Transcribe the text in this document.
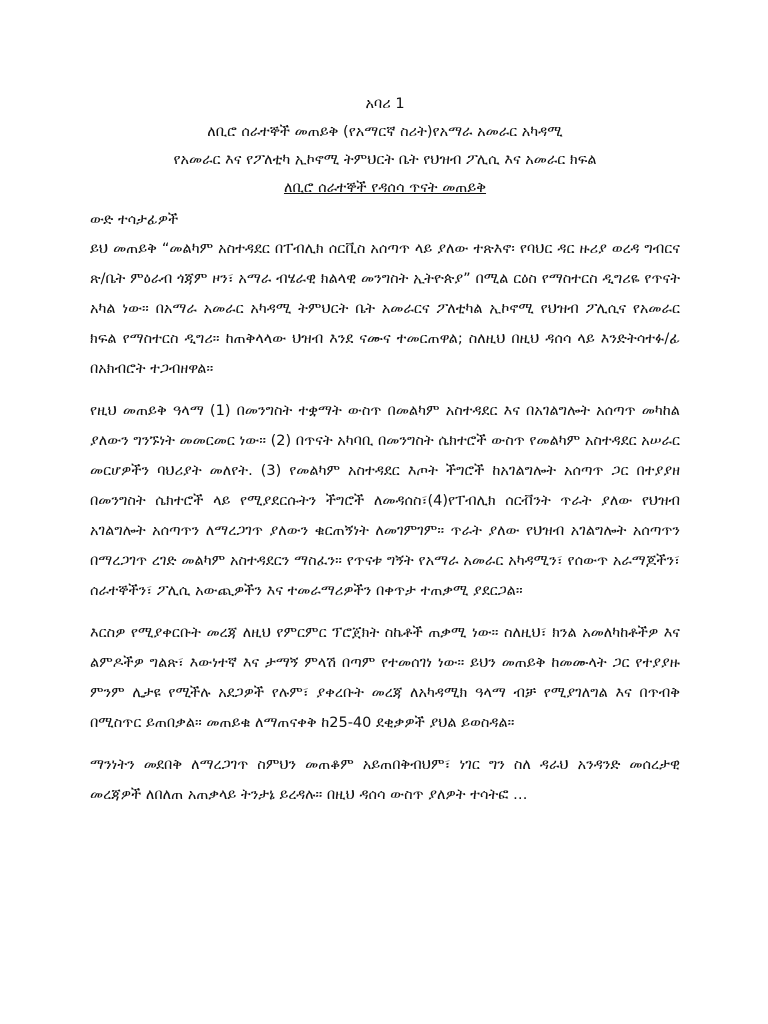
አባሪ 1

ለቢሮ ሰራተኞች መጠይቅ (የአማርኛ ስሪት)የአማራ አመራር አካዳሚ

የአመራር እና የፖለቲካ ኢኮኖሚ ትምህርት ቤት የህዝብ ፖሊሲ እና አመራር ክፍል

ለቢሮ ሰራተኞች የዳሰሳ ጥናት መጠይቅ

ውድ ተሳታፊዎች

ይህ መጠይቅ “መልካም አስተዳደር በፐብሊክ ሰርቪስ አሰጣጥ ላይ ያለው ተጽእኖ፡ የባህር ዳር ዙሪያ ወረዳ ግብርና ጽ/ቤት ምዕራብ ጎጃም ዞን፣ አማራ ብሄራዊ ክልላዊ መንግስት ኢትዮጵያ” በሚል ርዕስ የማስተርስ ዲግሪዬ የጥናት አካል ነው። በአማራ አመራር አካዳሚ ትምህርት ቤት አመራርና ፖለቲካል ኢኮኖሚ የህዝብ ፖሊሲና የአመራር ክፍል የማስተርስ ዲግሪ። ከጠቅላላው ህዝብ እንደ ናሙና ተመርጠዋል; ስለዚህ በዚህ ዳሰሳ ላይ እንድትሳተፉ/ፊ በአክብሮት ተጋብዘዋል።

የዚህ መጠይቅ ዓላማ (1) በመንግስት ተቋማት ውስጥ በመልካም አስተዳደር እና በአገልግሎት አሰጣጥ መካከል ያለውን ግንኙነት መመርመር ነው። (2) በጥናት አካባቢ በመንግስት ሴክተሮች ውስጥ የመልካም አስተዳደር አሠራር መርሆዎችን ባህሪያት መለየት. (3) የመልካም አስተዳደር እጦት ችግሮች ከአገልግሎት አሰጣጥ ጋር በተያያዘ በመንግስት ሴክተሮች ላይ የሚያደርሱትን ችግሮች ለመዳሰስ፣(4)የፐብሊክ ሰርቭንት ጥራት ያለው የህዝብ አገልግሎት አሰጣጥን ለማረጋገጥ ያለውን ቁርጠኝነት ለመገምገም። ጥራት ያለው የህዝብ አገልግሎት አሰጣጥን በማረጋገጥ ረገድ መልካም አስተዳደርን ማስፈን። የጥናቱ ግኝት የአማራ አመራር አካዳሚን፣ የሰውጥ አራማጆችን፣ ሰራተኞችን፣ ፖሊሲ አውጪዎችን እና ተመራማሪዎችን በቀጥታ ተጠቃሚ ያደርጋል።

እርስዎ የሚያቀርቡት መረጃ ለዚህ የምርምር ፕሮጀክት ስኬቶች ጠቃሚ ነው። ስለዚህ፣ ክንል አመለካከቶችዎ እና ልምዶችዎ ግልጽ፣ እውነተኛ እና ታማኝ ምላሽ በጣም የተመሰገነ ነው። ይህን መጠይቅ ከመሙላት ጋር የተያያዙ ምንም ሊታዩ የሚችሉ አደጋዎች የሉም፣ ያቀረቡት መረጃ ለአካዳሚክ ዓላማ ብቻ የሚያገለግል እና በጥብቅ በሚስጥር ይጠበቃል። መጠይቁ ለማጠናቀቅ ከ25-40 ደቂቃዎች ያህል ይወስዳል።

ማንነትን መደበቅ ለማረጋገጥ ስምህን መጠቆም አይጠበቅብህም፣ ነገር ግን ስለ ዳራህ አንዳንድ መሰረታዊ መረጃዎች ለበለጠ አጠቃላይ ትንታኔ ይረዳሉ። በዚህ ዳሰሳ ውስጥ ያለዎት ተሳትፎ …
